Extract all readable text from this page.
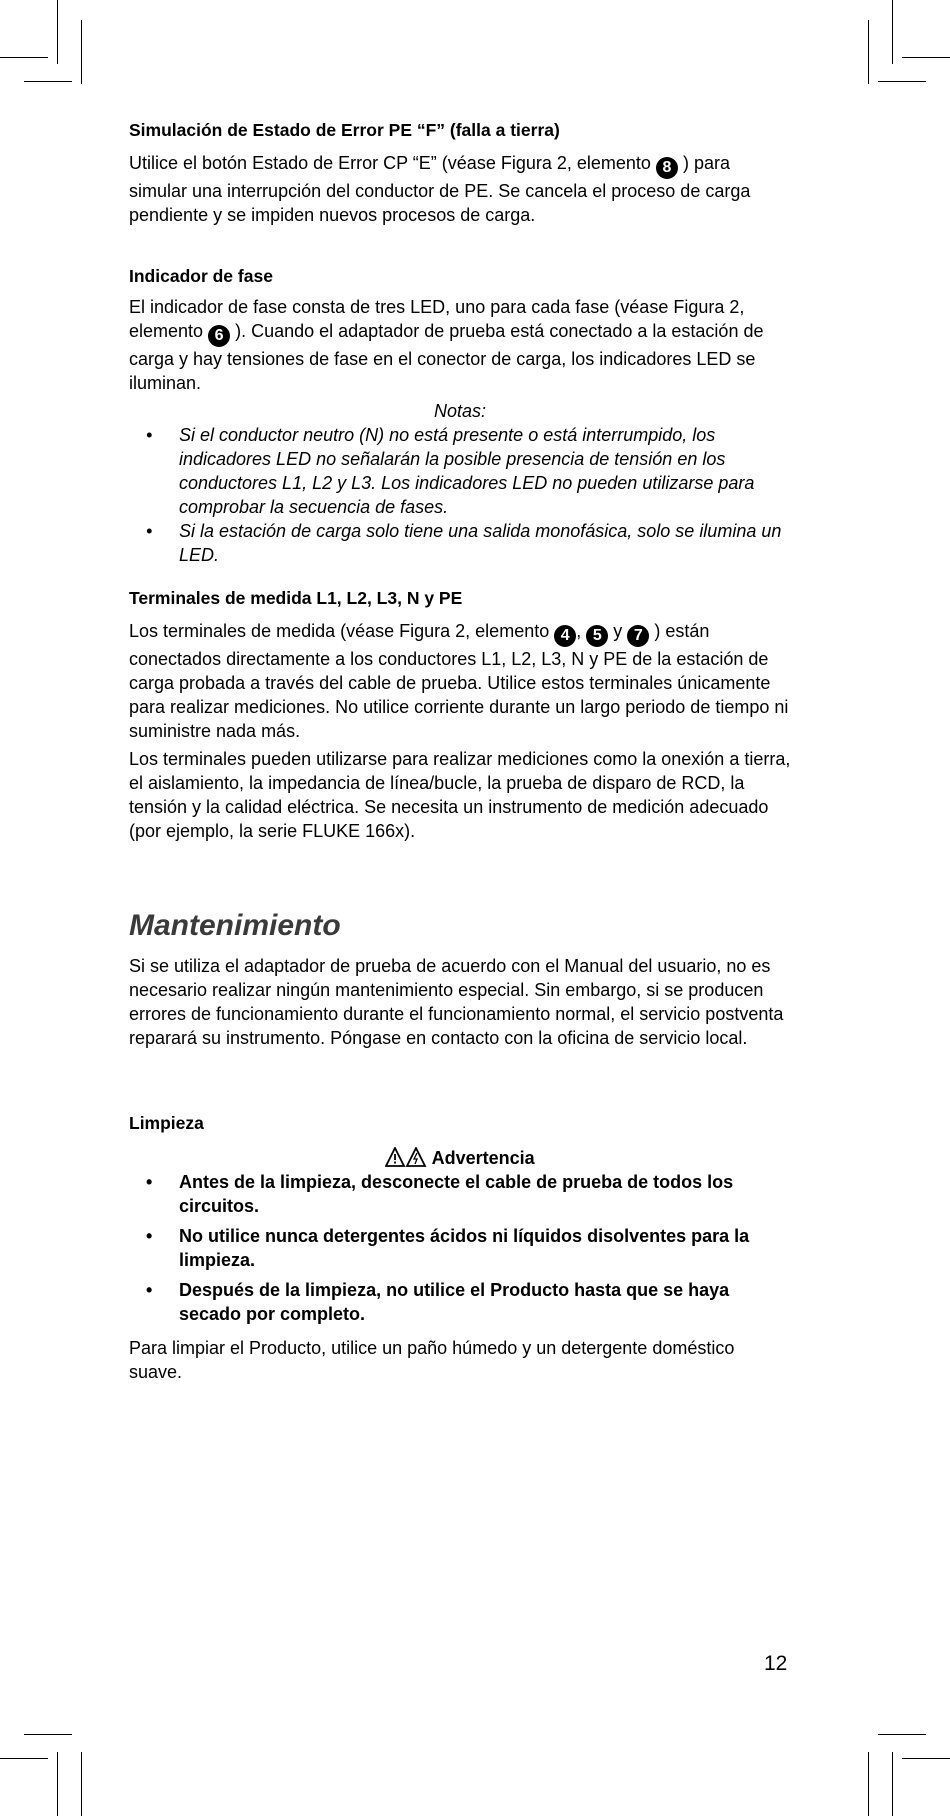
Simulación de Estado de Error PE “F” (falla a tierra)

Utilice el botón Estado de Error CP “E” (véase Figura 2, elemento 8 ) para simular una interrupción del conductor de PE. Se cancela el proceso de carga pendiente y se impiden nuevos procesos de carga.

Indicador de fase

El indicador de fase consta de tres LED, uno para cada fase (véase Figura 2, elemento 6 ). Cuando el adaptador de prueba está conectado a la estación de carga y hay tensiones de fase en el conector de carga, los indicadores LED se iluminan.

Notas:
• Si el conductor neutro (N) no está presente o está interrumpido, los indicadores LED no señalarán la posible presencia de tensión en los conductores L1, L2 y L3. Los indicadores LED no pueden utilizarse para comprobar la secuencia de fases.
• Si la estación de carga solo tiene una salida monofásica, solo se ilumina un LED.
Terminales de medida L1, L2, L3, N y PE

Los terminales de medida (véase Figura 2, elemento 4 , 5 y 7 ) están conectados directamente a los conductores L1, L2, L3, N y PE de la estación de carga probada a través del cable de prueba. Utilice estos terminales únicamente para realizar mediciones. No utilice corriente durante un largo periodo de tiempo ni suministre nada más.

Los terminales pueden utilizarse para realizar mediciones como la onexión a tierra, el aislamiento, la impedancia de línea/bucle, la prueba de disparo de RCD, la tensión y la calidad eléctrica. Se necesita un instrumento de medición adecuado (por ejemplo, la serie FLUKE 166x).

Mantenimiento

Si se utiliza el adaptador de prueba de acuerdo con el Manual del usuario, no es necesario realizar ningún mantenimiento especial. Sin embargo, si se producen errores de funcionamiento durante el funcionamiento normal, el servicio postventa reparará su instrumento. Póngase en contacto con la oficina de servicio local.

Limpieza
Advertencia
• Antes de la limpieza, desconecte el cable de prueba de todos los circuitos.
• No utilice nunca detergentes ácidos ni líquidos disolventes para la limpieza.
• Después de la limpieza, no utilice el Producto hasta que se haya secado por completo.

Para limpiar el Producto, utilice un paño húmedo y un detergente doméstico suave.

12
